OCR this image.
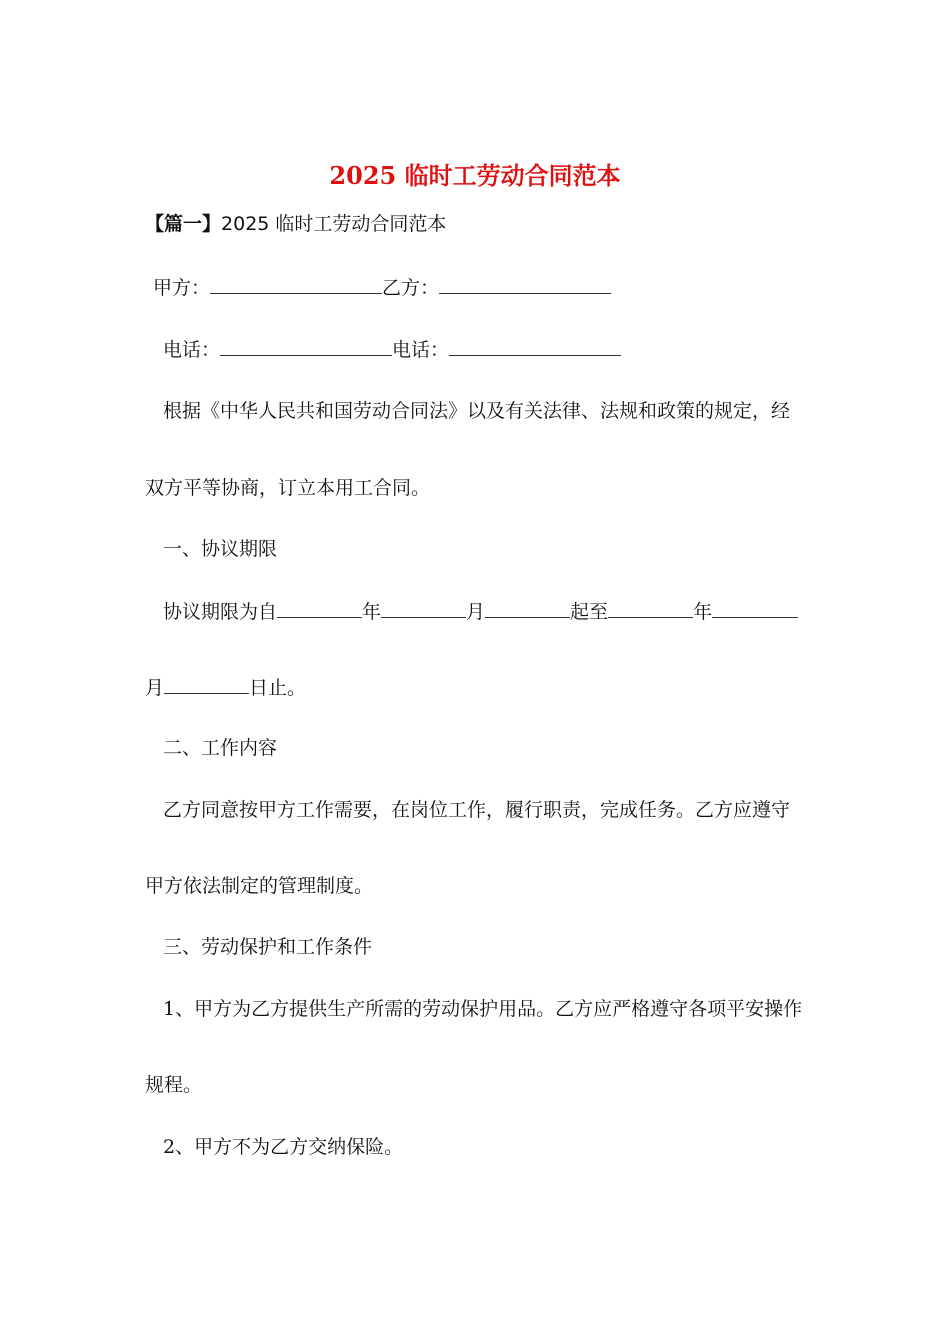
2025 临时工劳动合同范本
【篇一】2025 临时工劳动合同范本
甲方：	乙方：
电话：	电话：
根据《中华人民共和国劳动合同法》以及有关法律、法规和政策的规定，经
双方平等协商，订立本用工合同。
一、协议期限
协议期限为自	年	月	起至	年
月	日止。
二、工作内容
乙方同意按甲方工作需要，在岗位工作，履行职责，完成任务。乙方应遵守
甲方依法制定的管理制度。
三、劳动保护和工作条件
1、甲方为乙方提供生产所需的劳动保护用品。乙方应严格遵守各项平安操作
规程。
2、甲方不为乙方交纳保险。
